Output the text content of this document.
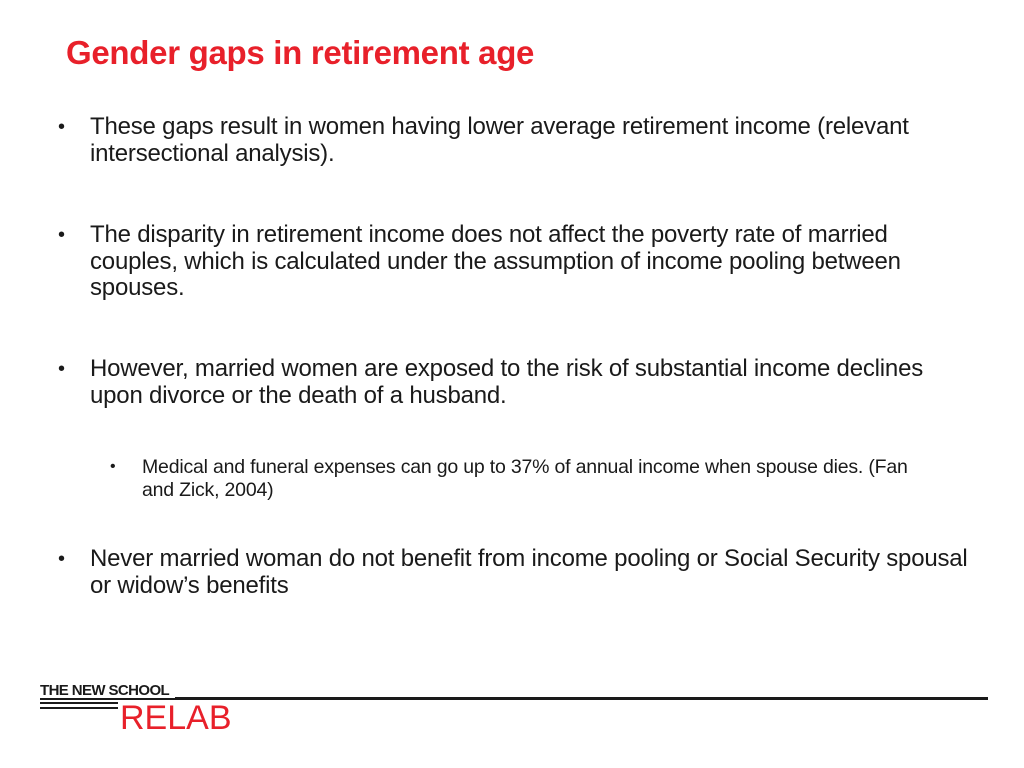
Gender gaps in retirement age
•	These gaps result in women having lower average retirement income (relevant intersectional analysis).
•	The disparity in retirement income does not affect the poverty rate of married couples, which is calculated under the assumption of income pooling between spouses.
•	However, married women are exposed to the risk of substantial income declines upon divorce or the death of a husband.
•	Medical and funeral expenses can go up to 37% of annual income when spouse dies. (Fan and Zick, 2004)
•	Never married woman do not benefit from income pooling or Social Security spousal or widow’s benefits
THE NEW SCHOOL
RELAB
